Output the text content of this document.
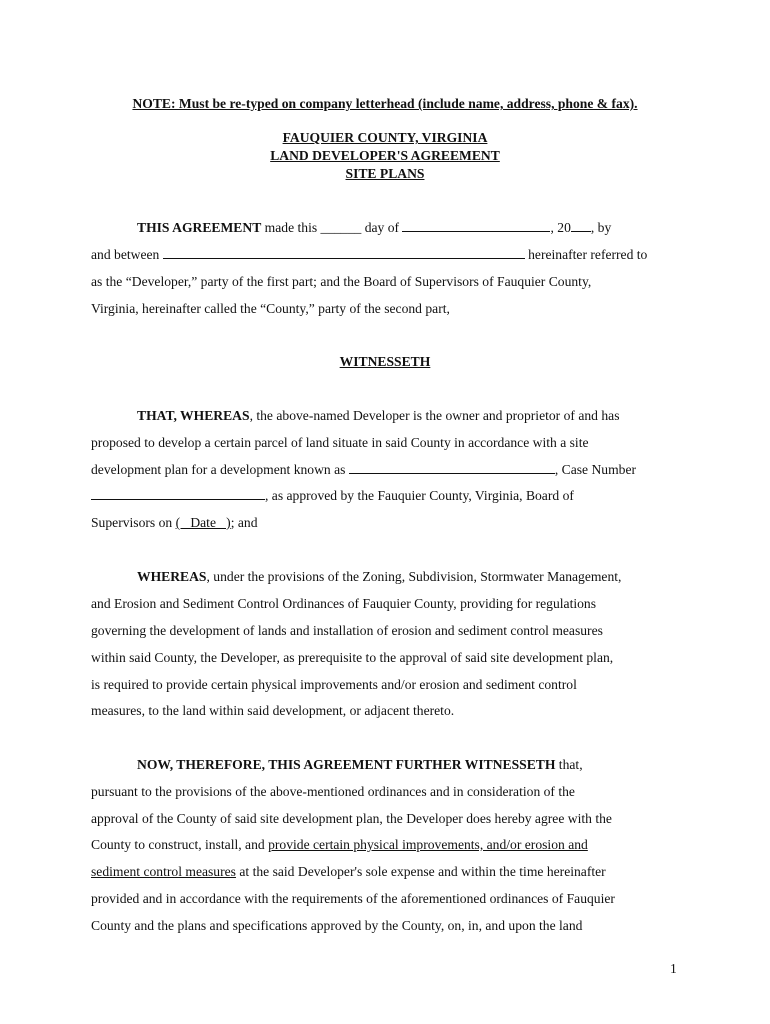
NOTE: Must be re-typed on company letterhead (include name, address, phone & fax).
FAUQUIER COUNTY, VIRGINIA
LAND DEVELOPER'S AGREEMENT
SITE PLANS
THIS AGREEMENT made this ______ day of	, 20 , by
and between	hereinafter referred to
as the “Developer,” party of the first part; and the Board of Supervisors of Fauquier County,
Virginia, hereinafter called the “County,” party of the second part,
WITNESSETH
THAT, WHEREAS, the above-named Developer is the owner and proprietor of and has
proposed to develop a certain parcel of land situate in said County in accordance with a site
development plan for a development known as	, Case Number
, as approved by the Fauquier County, Virginia, Board of
Supervisors on (   Date   ); and
WHEREAS, under the provisions of the Zoning, Subdivision, Stormwater Management,
and Erosion and Sediment Control Ordinances of Fauquier County, providing for regulations
governing the development of lands and installation of erosion and sediment control measures
within said County, the Developer, as prerequisite to the approval of said site development plan,
is required to provide certain physical improvements and/or erosion and sediment control
measures, to the land within said development, or adjacent thereto.
NOW, THEREFORE, THIS AGREEMENT FURTHER WITNESSETH that,
pursuant to the provisions of the above-mentioned ordinances and in consideration of the
approval of the County of said site development plan, the Developer does hereby agree with the
County to construct, install, and provide certain physical improvements, and/or erosion and
sediment control measures at the said Developer's sole expense and within the time hereinafter
provided and in accordance with the requirements of the aforementioned ordinances of Fauquier
County and the plans and specifications approved by the County, on, in, and upon the land
1
